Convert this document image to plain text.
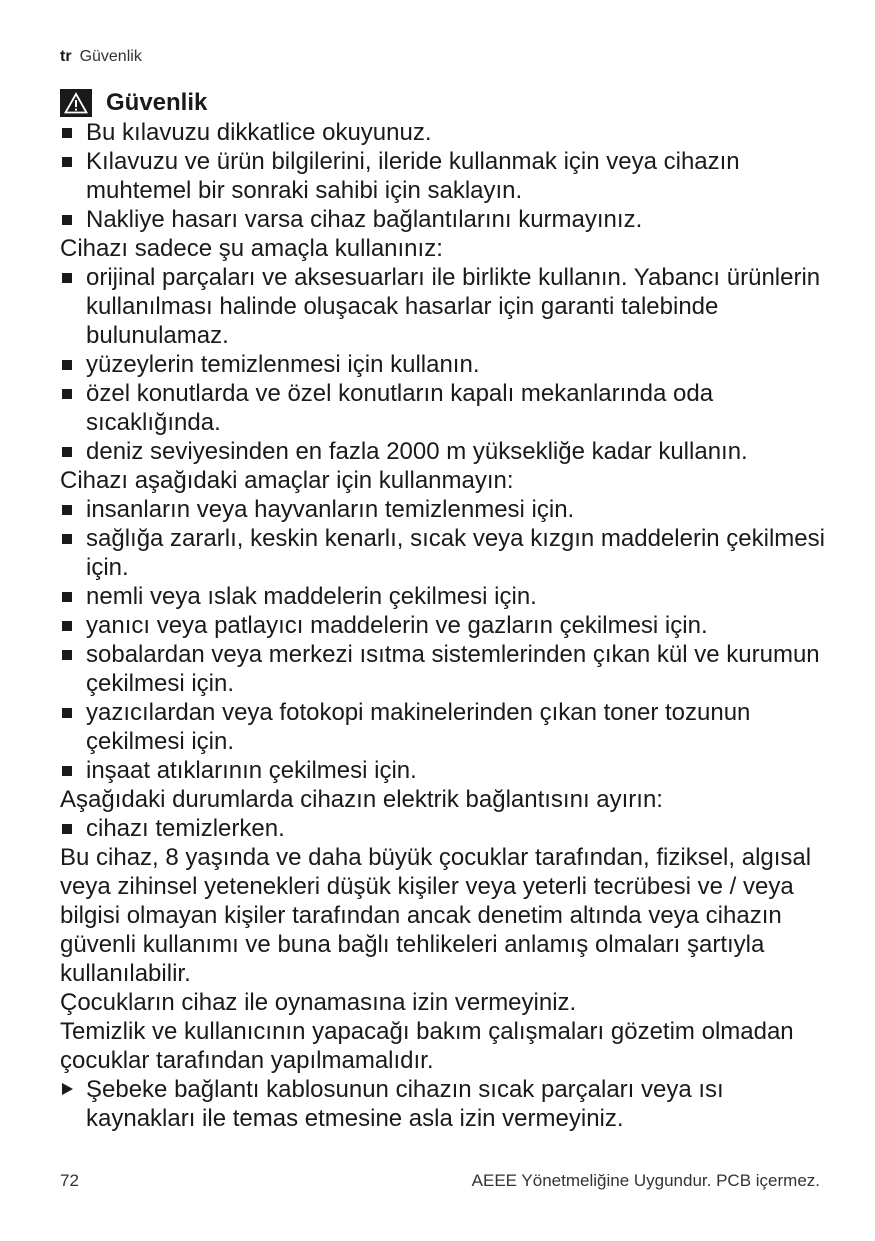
tr Güvenlik
Güvenlik
Bu kılavuzu dikkatlice okuyunuz.
Kılavuzu ve ürün bilgilerini, ileride kullanmak için veya cihazın muhtemel bir sonraki sahibi için saklayın.
Nakliye hasarı varsa cihaz bağlantılarını kurmayınız.

Cihazı sadece şu amaçla kullanınız:

orijinal parçaları ve aksesuarları ile birlikte kullanın. Yabancı ürünlerin kullanılması halinde oluşacak hasarlar için garanti talebinde bulunulamaz.
yüzeylerin temizlenmesi için kullanın.
özel konutlarda ve özel konutların kapalı mekanlarında oda sıcaklığında.
deniz seviyesinden en fazla 2000 m yüksekliğe kadar kullanın.

Cihazı aşağıdaki amaçlar için kullanmayın:

insanların veya hayvanların temizlenmesi için.
sağlığa zararlı, keskin kenarlı, sıcak veya kızgın maddelerin çekilmesi için.
nemli veya ıslak maddelerin çekilmesi için.
yanıcı veya patlayıcı maddelerin ve gazların çekilmesi için.
sobalardan veya merkezi ısıtma sistemlerinden çıkan kül ve kurumun çekilmesi için.
yazıcılardan veya fotokopi makinelerinden çıkan toner tozunun çekilmesi için.
inşaat atıklarının çekilmesi için.

Aşağıdaki durumlarda cihazın elektrik bağlantısını ayırın:

cihazı temizlerken.

Bu cihaz, 8 yaşında ve daha büyük çocuklar tarafından, fiziksel, algısal veya zihinsel yetenekleri düşük kişiler veya yeterli tecrübesi ve / veya bilgisi olmayan kişiler tarafından ancak denetim altında veya cihazın güvenli kullanımı ve buna bağlı tehlikeleri anlamış olmaları şartıyla kullanılabilir.

Çocukların cihaz ile oynamasına izin vermeyiniz.

Temizlik ve kullanıcının yapacağı bakım çalışmaları gözetim olmadan çocuklar tarafından yapılmamalıdır.

Şebeke bağlantı kablosunun cihazın sıcak parçaları veya ısı kaynakları ile temas etmesine asla izin vermeyiniz.

72	AEEE Yönetmeliğine Uygundur. PCB içermez.
